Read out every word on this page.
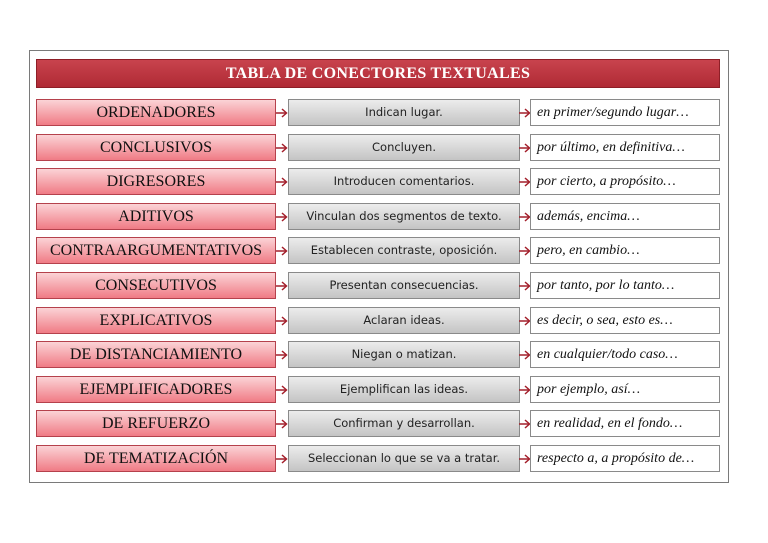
TABLA DE CONECTORES TEXTUALES
ORDENADORES	Indican lugar.	en primer/segundo lugar…
CONCLUSIVOS	Concluyen.	por último, en definitiva…
DIGRESORES	Introducen comentarios.	por cierto, a propósito…
ADITIVOS	Vinculan dos segmentos de texto.	además, encima…
CONTRAARGUMENTATIVOS	Establecen contraste, oposición.	pero, en cambio…
CONSECUTIVOS	Presentan consecuencias.	por tanto, por lo tanto…
EXPLICATIVOS	Aclaran ideas.	es decir, o sea, esto es…
DE DISTANCIAMIENTO	Niegan o matizan.	en cualquier/todo caso…
EJEMPLIFICADORES	Ejemplifican las ideas.	por ejemplo, así…
DE REFUERZO	Confirman y desarrollan.	en realidad, en el fondo…
DE TEMATIZACIÓN	Seleccionan lo que se va a tratar.	respecto a, a propósito de…
